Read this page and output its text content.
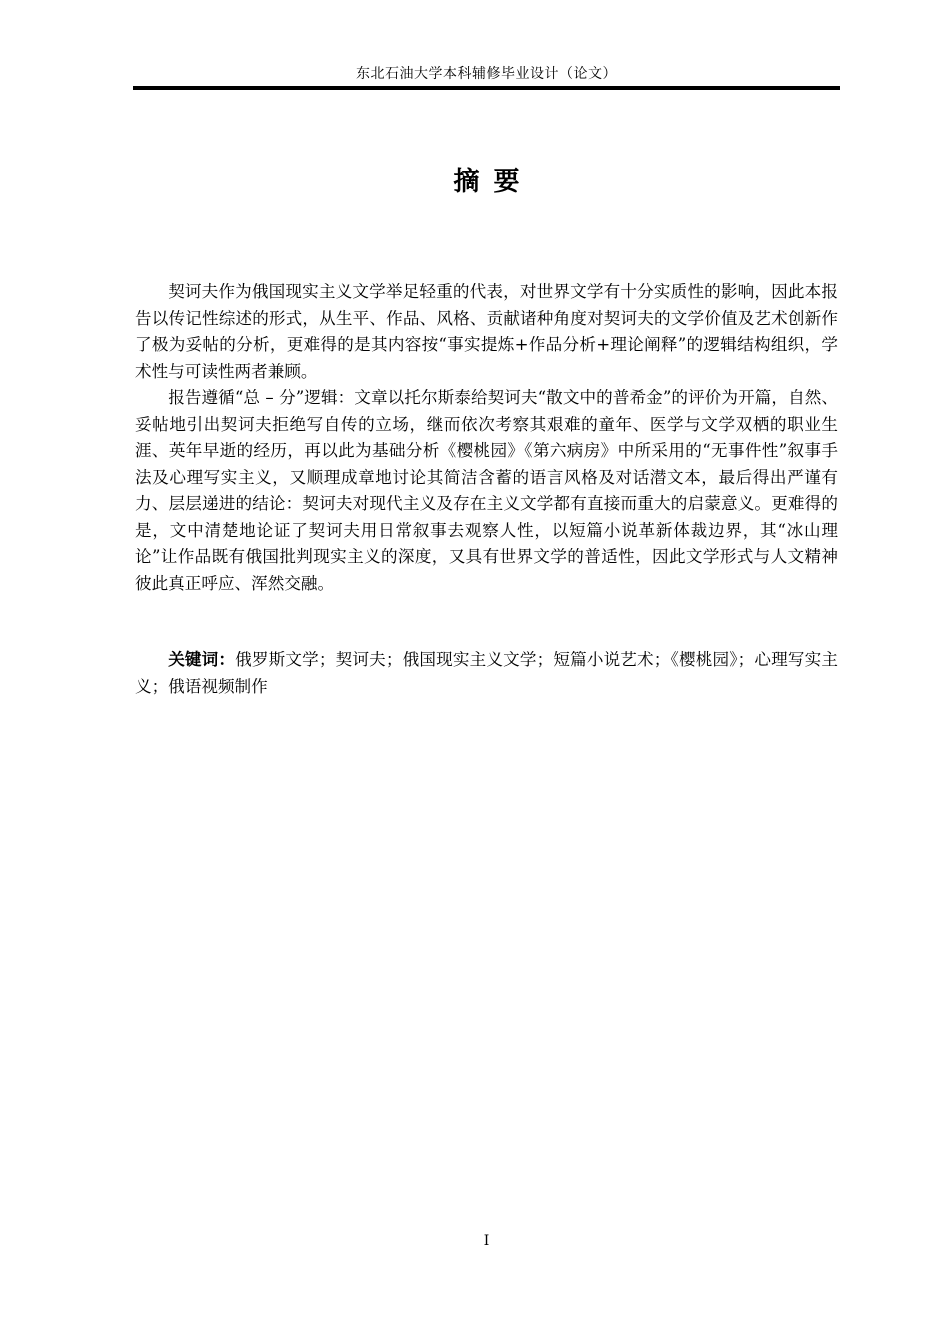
东北石油大学本科辅修毕业设计（论文）
摘要

契诃夫作为俄国现实主义文学举足轻重的代表，对世界文学有十分实质性的影响，因此本报告以传记性综述的形式，从生平、作品、风格、贡献诸种角度对契诃夫的文学价值及艺术创新作了极为妥帖的分析，更难得的是其内容按“事实提炼+作品分析+理论阐释”的逻辑结构组织，学术性与可读性两者兼顾。

报告遵循“总 – 分”逻辑：文章以托尔斯泰给契诃夫“散文中的普希金”的评价为开篇，自然、妥帖地引出契诃夫拒绝写自传的立场，继而依次考察其艰难的童年、医学与文学双栖的职业生涯、英年早逝的经历，再以此为基础分析《樱桃园》《第六病房》中所采用的“无事件性”叙事手法及心理写实主义，又顺理成章地讨论其简洁含蓄的语言风格及对话潜文本，最后得出严谨有力、层层递进的结论：契诃夫对现代主义及存在主义文学都有直接而重大的启蒙意义。更难得的是，文中清楚地论证了契诃夫用日常叙事去观察人性，以短篇小说革新体裁边界，其“冰山理论”让作品既有俄国批判现实主义的深度，又具有世界文学的普适性，因此文学形式与人文精神彼此真正呼应、浑然交融。

关键词：俄罗斯文学；契诃夫；俄国现实主义文学；短篇小说艺术；《樱桃园》；心理写实主义；俄语视频制作
I
